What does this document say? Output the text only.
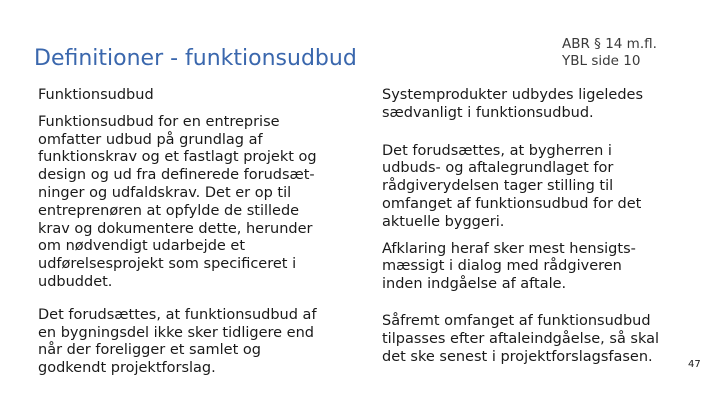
Definitioner - funktionsudbud
ABR § 14 m.fl.
YBL side 10

Funktionsudbud

Funktionsudbud for en entreprise
omfatter udbud på grundlag af
funktionskrav og et fastlagt projekt og
design og ud fra definerede forudsæt-
ninger og udfaldskrav. Det er op til
entreprenøren at opfylde de stillede
krav og dokumentere dette, herunder
om nødvendigt udarbejde et
udførelsesprojekt som specificeret i
udbuddet.

Det forudsættes, at funktionsudbud af
en bygningsdel ikke sker tidligere end
når der foreligger et samlet og
godkendt projektforslag.

Systemprodukter udbydes ligeledes
sædvanligt i funktionsudbud.

Det forudsættes, at bygherren i
udbuds- og aftalegrundlaget for
rådgiverydelsen tager stilling til
omfanget af funktionsudbud for det
aktuelle byggeri.

Afklaring heraf sker mest hensigts-
mæssigt i dialog med rådgiveren
inden indgåelse af aftale.

Såfremt omfanget af funktionsudbud
tilpasses efter aftaleindgåelse, så skal
det ske senest i projektforslagsfasen.	47
